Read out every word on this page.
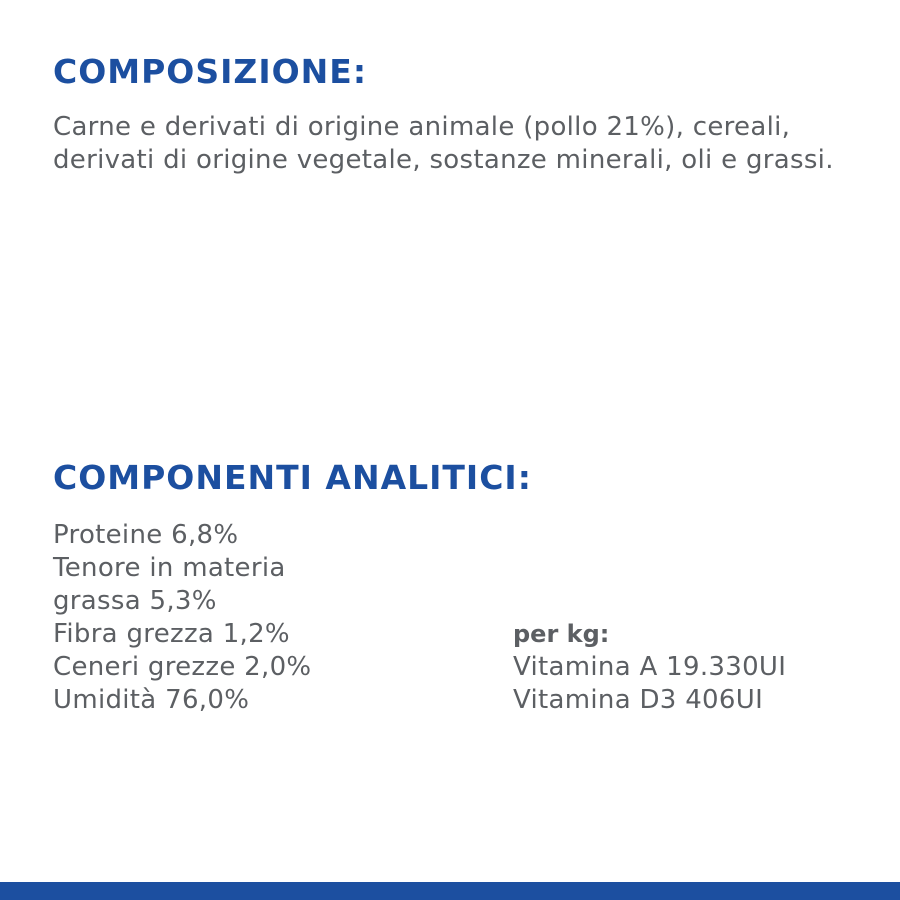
COMPOSIZIONE:

Carne e derivati di origine animale (pollo 21%), cereali, derivati di origine vegetale, sostanze minerali, oli e grassi.

COMPONENTI ANALITICI:
Proteine 6,8%
Tenore in materia
grassa 5,3%
Fibra grezza 1,2%
Ceneri grezze 2,0%
Umidità 76,0%

per kg:

Vitamina A 19.330UI
Vitamina D3 406UI
